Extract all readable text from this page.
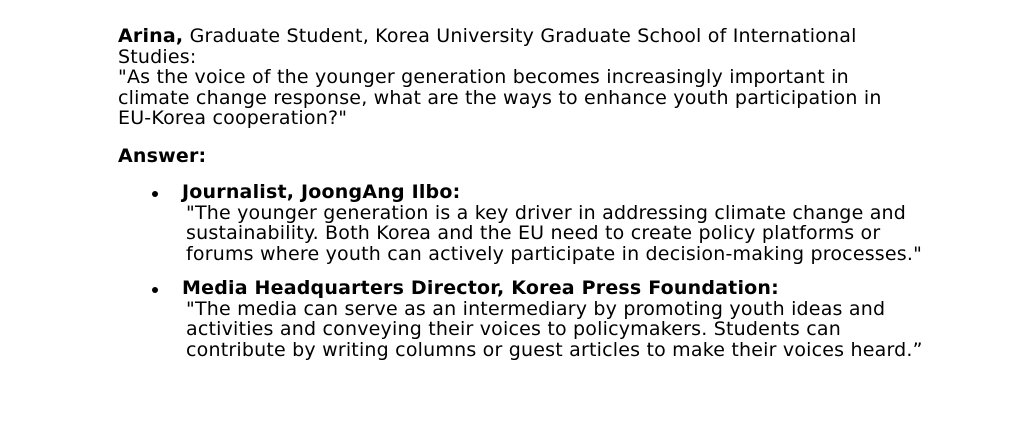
Arina, Graduate Student, Korea University Graduate School of International Studies:
"As the voice of the younger generation becomes increasingly important in climate change response, what are the ways to enhance youth participation in EU-Korea cooperation?"
Answer:
Journalist, JoongAng Ilbo:
"The younger generation is a key driver in addressing climate change and sustainability. Both Korea and the EU need to create policy platforms or forums where youth can actively participate in decision-making processes."
Media Headquarters Director, Korea Press Foundation:
"The media can serve as an intermediary by promoting youth ideas and activities and conveying their voices to policymakers. Students can contribute by writing columns or guest articles to make their voices heard.”
